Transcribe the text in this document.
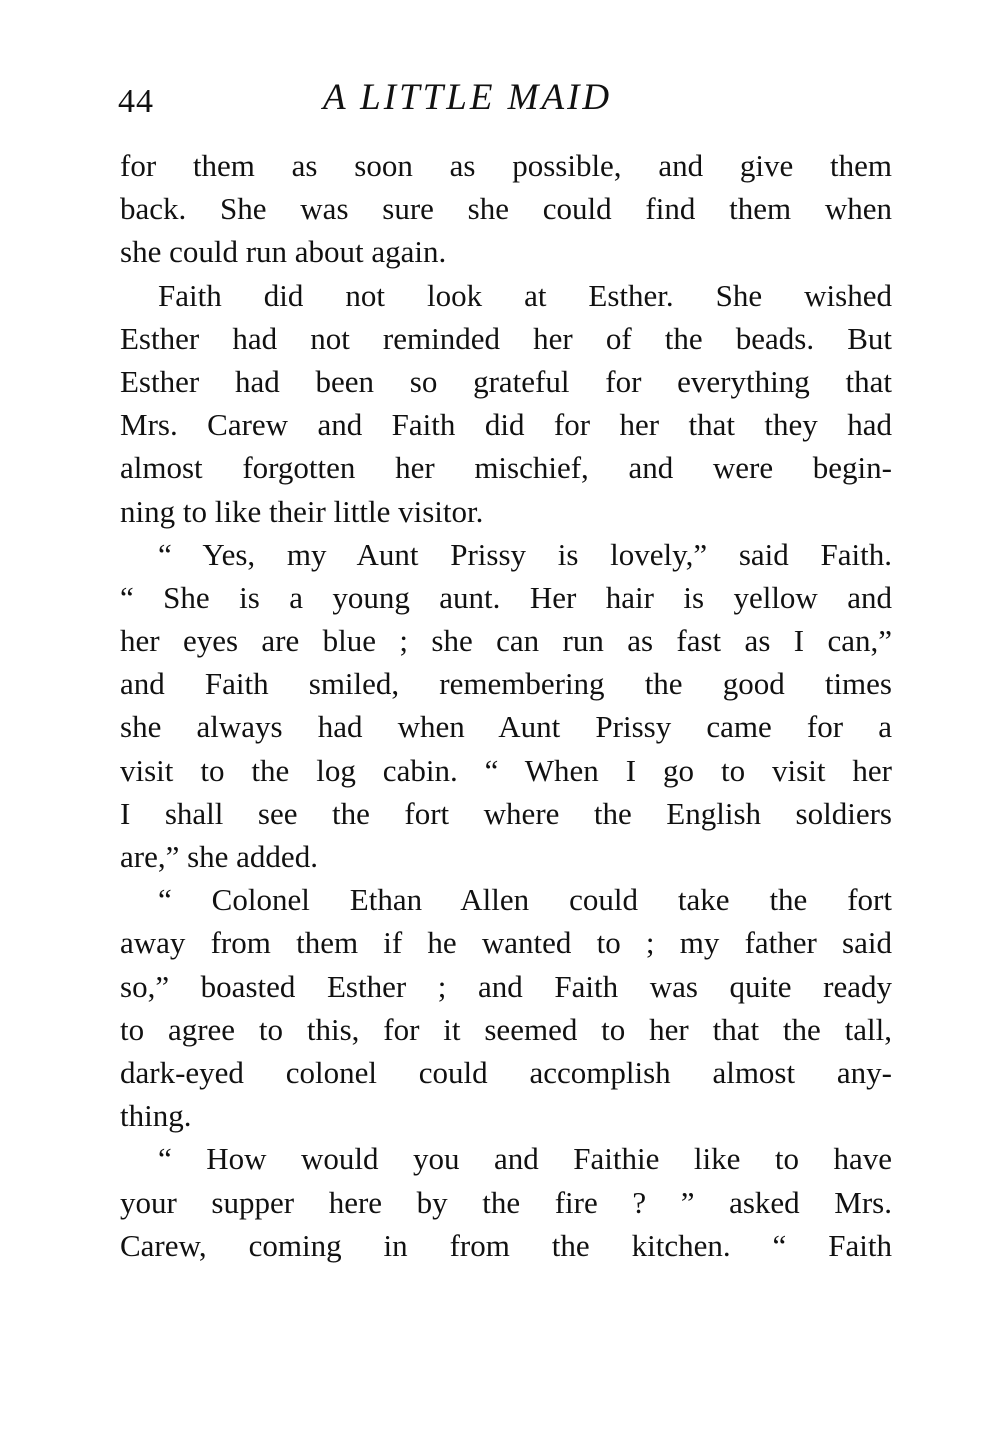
44	A LITTLE MAID
for them as soon as possible, and give them
back. She was sure she could find them when
she could run about again.
Faith did not look at Esther. She wished
Esther had not reminded her of the beads. But
Esther had been so grateful for everything that
Mrs. Carew and Faith did for her that they had
almost forgotten her mischief, and were begin-
ning to like their little visitor.
“ Yes, my Aunt Prissy is lovely,” said Faith.
“ She is a young aunt. Her hair is yellow and
her eyes are blue ; she can run as fast as I can,”
and Faith smiled, remembering the good times
she always had when Aunt Prissy came for a
visit to the log cabin. “ When I go to visit her
I shall see the fort where the English soldiers
are,” she added.
“ Colonel Ethan Allen could take the fort
away from them if he wanted to ; my father said
so,” boasted Esther ; and Faith was quite ready
to agree to this, for it seemed to her that the tall,
dark-eyed colonel could accomplish almost any-
thing.
“ How would you and Faithie like to have
your supper here by the fire ? ” asked Mrs.
Carew, coming in from the kitchen. “ Faith
